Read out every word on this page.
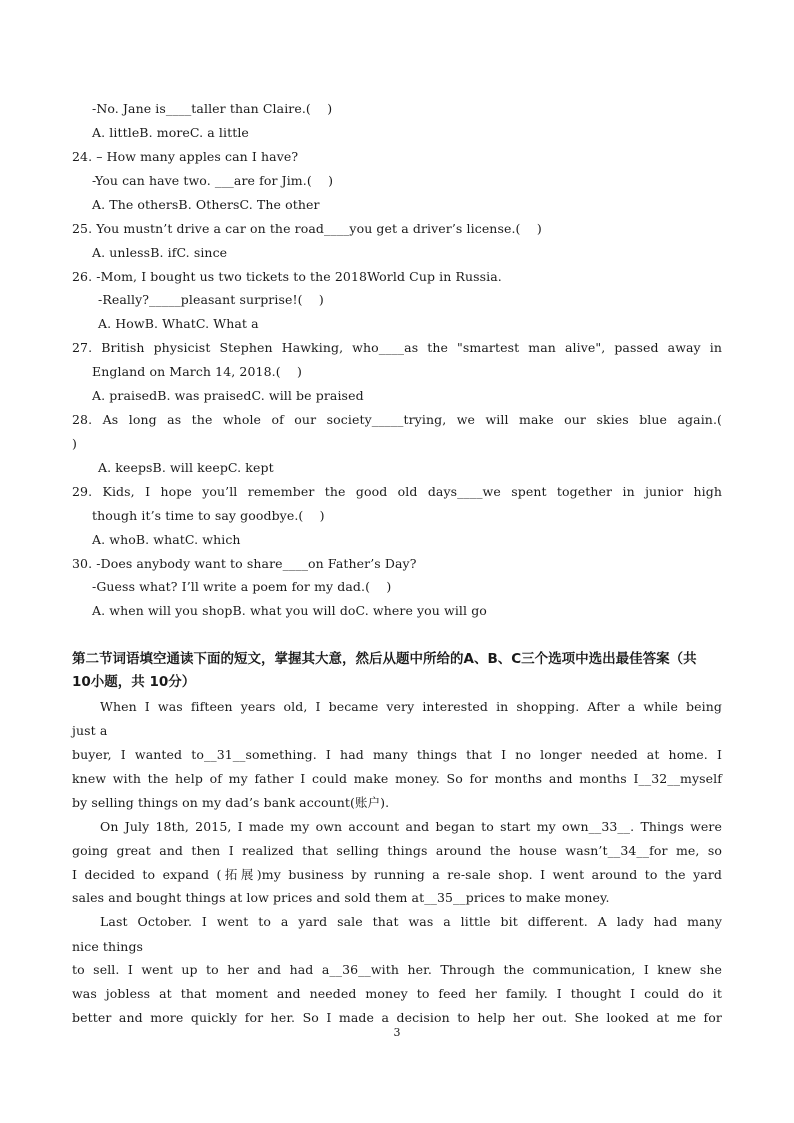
-No. Jane is____taller than Claire.(    )
A. littleB. moreC. a little
24. – How many apples can I have?
-You can have two. ___are for Jim.(    )
A. The othersB. OthersC. The other
25. You mustn’t drive a car on the road____you get a driver’s license.(    )
A. unlessB. ifC. since
26. -Mom, I bought us two tickets to the 2018World Cup in Russia.
-Really?_____pleasant surprise!(    )
A. HowB. WhatC. What a
27. British physicist Stephen Hawking, who____as the "smartest man alive", passed away in
England on March 14, 2018.(    )
A. praisedB. was praisedC. will be praised
28. As long as the whole of our society_____trying, we will make our skies blue again.(
)
A. keepsB. will keepC. kept
29. Kids, I hope you’ll remember the good old days____we spent together in junior high
though it’s time to say goodbye.(    )
A. whoB. whatC. which
30. -Does anybody want to share____on Father’s Day?
-Guess what? I’ll write a poem for my dad.(    )
A. when will you shopB. what you will doC. where you will go
第二节词语填空通读下面的短文，掌握其大意，然后从题中所给的A、B、C三个选项中选出最佳答案（共
10小题，共 10分）
When I was fifteen years old, I became very interested in shopping. After a while being
just a
buyer, I wanted to__31__something. I had many things that I no longer needed at home. I
knew with the help of my father I could make money. So for months and months I__32__myself
by selling things on my dad’s bank account(账户).
On July 18th, 2015, I made my own account and began to start my own__33__. Things were
going great and then I realized that selling things around the house wasn’t__34__for me, so
I decided to expand (拓展)my business by running a re-sale shop. I went around to the yard
sales and bought things at low prices and sold them at__35__prices to make money.
Last October. I went to a yard sale that was a little bit different. A lady had many
nice things
to sell. I went up to her and had a__36__with her. Through the communication, I knew she
was jobless at that moment and needed money to feed her family. I thought I could do it
better and more quickly for her. So I made a decision to help her out. She looked at me for
3
